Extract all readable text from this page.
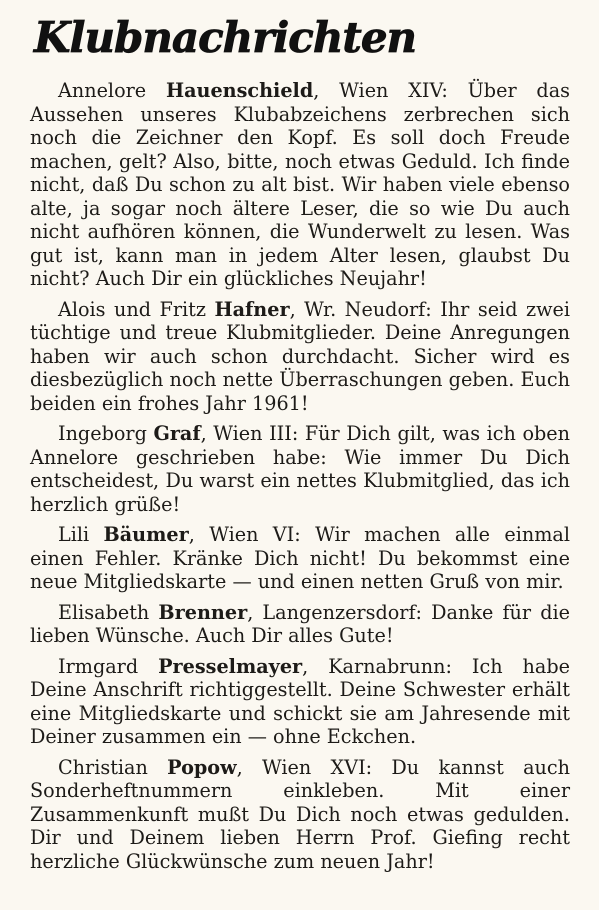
Klubnachrichten

Annelore Hauenschield, Wien XIV: Über das Aussehen unseres Klubabzeichens zerbrechen sich noch die Zeichner den Kopf. Es soll doch Freude machen, gelt? Also, bitte, noch etwas Geduld. Ich finde nicht, daß Du schon zu alt bist. Wir haben viele ebenso alte, ja sogar noch ältere Leser, die so wie Du auch nicht aufhören können, die Wunderwelt zu lesen. Was gut ist, kann man in jedem Alter lesen, glaubst Du nicht? Auch Dir ein glückliches Neujahr!

Alois und Fritz Hafner, Wr. Neudorf: Ihr seid zwei tüchtige und treue Klubmitglieder. Deine Anregungen haben wir auch schon durchdacht. Sicher wird es diesbezüglich noch nette Überraschungen geben. Euch beiden ein frohes Jahr 1961!

Ingeborg Graf, Wien III: Für Dich gilt, was ich oben Annelore geschrieben habe: Wie immer Du Dich entscheidest, Du warst ein nettes Klubmitglied, das ich herzlich grüße!

Lili Bäumer, Wien VI: Wir machen alle einmal einen Fehler. Kränke Dich nicht! Du bekommst eine neue Mitgliedskarte — und einen netten Gruß von mir.

Elisabeth Brenner, Langenzersdorf: Danke für die lieben Wünsche. Auch Dir alles Gute!

Irmgard Presselmayer, Karnabrunn: Ich habe Deine Anschrift richtiggestellt. Deine Schwester erhält eine Mitgliedskarte und schickt sie am Jahresende mit Deiner zusammen ein — ohne Eckchen.

Christian Popow, Wien XVI: Du kannst auch Sonderheftnummern einkleben. Mit einer Zusammenkunft mußt Du Dich noch etwas gedulden. Dir und Deinem lieben Herrn Prof. Giefing recht herzliche Glückwünsche zum neuen Jahr!
